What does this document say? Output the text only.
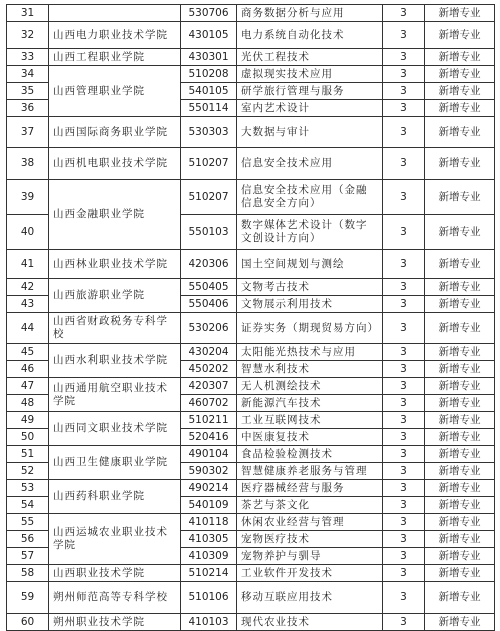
31		530706	商务数据分析与应用	3	新增专业
32	山西电力职业技术学院	430105	电力系统自动化技术	3	新增专业
33	山西工程职业学院	430301	光伏工程技术	3	新增专业
34	山西管理职业学院	510208	虚拟现实技术应用	3	新增专业
35		540105	研学旅行管理与服务	3	新增专业
36		550114	室内艺术设计	3	新增专业
37	山西国际商务职业学院	530303	大数据与审计	3	新增专业
38	山西机电职业技术学院	510207	信息安全技术应用	3	新增专业
39	山西金融职业学院	510207	信息安全技术应用（金融信息安全方向）	3	新增专业
40		550103	数字媒体艺术设计（数字文创设计方向）	3	新增专业
41	山西林业职业技术学院	420306	国土空间规划与测绘	3	新增专业
42	山西旅游职业学院	550405	文物考古技术	3	新增专业
43		550406	文物展示利用技术	3	新增专业
44	山西省财政税务专科学校	530206	证券实务（期现贸易方向）	3	新增专业
45	山西水利职业技术学院	430204	太阳能光热技术与应用	3	新增专业
46		450202	智慧水利技术	3	新增专业
47	山西通用航空职业技术学院	420307	无人机测绘技术	3	新增专业
48		460702	新能源汽车技术	3	新增专业
49	山西同文职业技术学院	510211	工业互联网技术	3	新增专业
50		520416	中医康复技术	3	新增专业
51	山西卫生健康职业学院	490104	食品检验检测技术	3	新增专业
52		590302	智慧健康养老服务与管理	3	新增专业
53	山西药科职业学院	490214	医疗器械经营与服务	3	新增专业
54		540109	茶艺与茶文化	3	新增专业
55	山西运城农业职业技术学院	410118	休闲农业经营与管理	3	新增专业
56		410305	宠物医疗技术	3	新增专业
57		410309	宠物养护与驯导	3	新增专业
58	山西职业技术学院	510214	工业软件开发技术	3	新增专业
59	朔州师范高等专科学校	510106	移动互联应用技术	3	新增专业
60	朔州职业技术学院	410103	现代农业技术	3	新增专业
